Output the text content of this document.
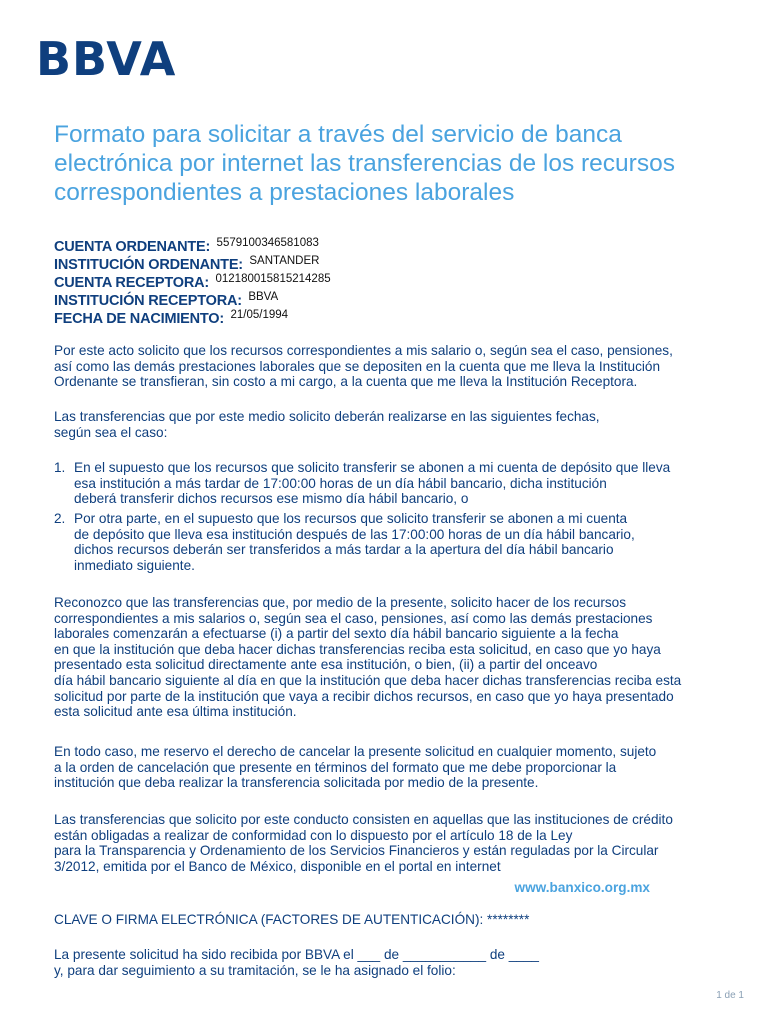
BBVA
Formato para solicitar a través del servicio de banca
electrónica por internet las transferencias de los recursos
correspondientes a prestaciones laborales
CUENTA ORDENANTE: $^{5579100346581083}$
INSTITUCIÓN ORDENANTE: $^{SANTANDER}$
CUENTA RECEPTORA: $^{012180015815214285}$
INSTITUCIÓN RECEPTORA: $^{BBVA}$
FECHA DE NACIMIENTO: $^{21/05/1994}$

Por este acto solicito que los recursos correspondientes a mis salario o, según sea el caso, pensiones,
así como las demás prestaciones laborales que se depositen en la cuenta que me lleva la Institución
Ordenante se transfieran, sin costo a mi cargo, a la cuenta que me lleva la Institución Receptora.

Las transferencias que por este medio solicito deberán realizarse en las siguientes fechas,
según sea el caso:

1. En el supuesto que los recursos que solicito transferir se abonen a mi cuenta de depósito que lleva
esa institución a más tardar de 17:00:00 horas de un día hábil bancario, dicha institución
deberá transferir dichos recursos ese mismo día hábil bancario, o
2. Por otra parte, en el supuesto que los recursos que solicito transferir se abonen a mi cuenta
de depósito que lleva esa institución después de las 17:00:00 horas de un día hábil bancario,
dichos recursos deberán ser transferidos a más tardar a la apertura del día hábil bancario
inmediato siguiente.

Reconozco que las transferencias que, por medio de la presente, solicito hacer de los recursos
correspondientes a mis salarios o, según sea el caso, pensiones, así como las demás prestaciones
laborales comenzarán a efectuarse (i) a partir del sexto día hábil bancario siguiente a la fecha
en que la institución que deba hacer dichas transferencias reciba esta solicitud, en caso que yo haya
presentado esta solicitud directamente ante esa institución, o bien, (ii) a partir del onceavo
día hábil bancario siguiente al día en que la institución que deba hacer dichas transferencias reciba esta
solicitud por parte de la institución que vaya a recibir dichos recursos, en caso que yo haya presentado
esta solicitud ante esa última institución.

En todo caso, me reservo el derecho de cancelar la presente solicitud en cualquier momento, sujeto
a la orden de cancelación que presente en términos del formato que me debe proporcionar la
institución que deba realizar la transferencia solicitada por medio de la presente.

Las transferencias que solicito por este conducto consisten en aquellas que las instituciones de crédito
están obligadas a realizar de conformidad con lo dispuesto por el artículo 18 de la Ley
para la Transparencia y Ordenamiento de los Servicios Financieros y están reguladas por la Circular
3/2012, emitida por el Banco de México, disponible en el portal en internet

www.banxico.org.mx
CLAVE O FIRMA ELECTRÓNICA (FACTORES DE AUTENTICACIÓN): ********

La presente solicitud ha sido recibida por BBVA el ___ de ___________ de ____
y, para dar seguimiento a su tramitación, se le ha asignado el folio:

1 de 1
